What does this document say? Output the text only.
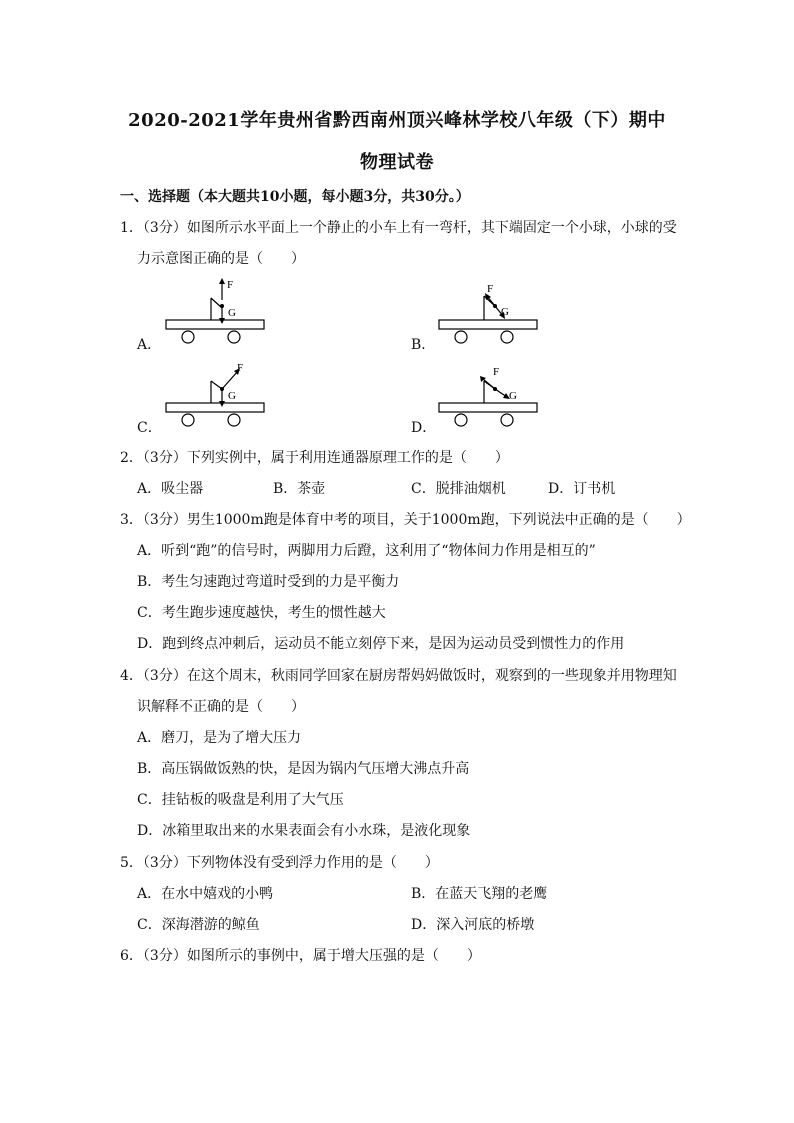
2020-2021学年贵州省黔西南州顶兴峰林学校八年级（下）期中
物理试卷
一、选择题（本大题共10小题，每小题3分，共30分。）
1．（3分）如图所示水平面上一个静止的小车上有一弯杆，其下端固定一个小球，小球的受
力示意图正确的是（　　）
F
G
A．
F
G
B．
F
G
C．
F
G
D．
2．（3分）下列实例中，属于利用连通器原理工作的是（　　）
A．吸尘器	B．茶壶	C．脱排油烟机	D．订书机
3．（3分）男生1000m跑是体育中考的项目，关于1000m跑，下列说法中正确的是（　　）
A．听到“跑”的信号时，两脚用力后蹬，这利用了“物体间力作用是相互的”
B．考生匀速跑过弯道时受到的力是平衡力
C．考生跑步速度越快，考生的惯性越大
D．跑到终点冲刺后，运动员不能立刻停下来，是因为运动员受到惯性力的作用
4．（3分）在这个周末，秋雨同学回家在厨房帮妈妈做饭时，观察到的一些现象并用物理知
识解释不正确的是（　　）
A．磨刀，是为了增大压力
B．高压锅做饭熟的快，是因为锅内气压增大沸点升高
C．挂钻板的吸盘是利用了大气压
D．冰箱里取出来的水果表面会有小水珠，是液化现象
5．（3分）下列物体没有受到浮力作用的是（　　）
A．在水中嬉戏的小鸭	B．在蓝天飞翔的老鹰
C．深海潜游的鲸鱼	D．深入河底的桥墩
6．（3分）如图所示的事例中，属于增大压强的是（　　）
